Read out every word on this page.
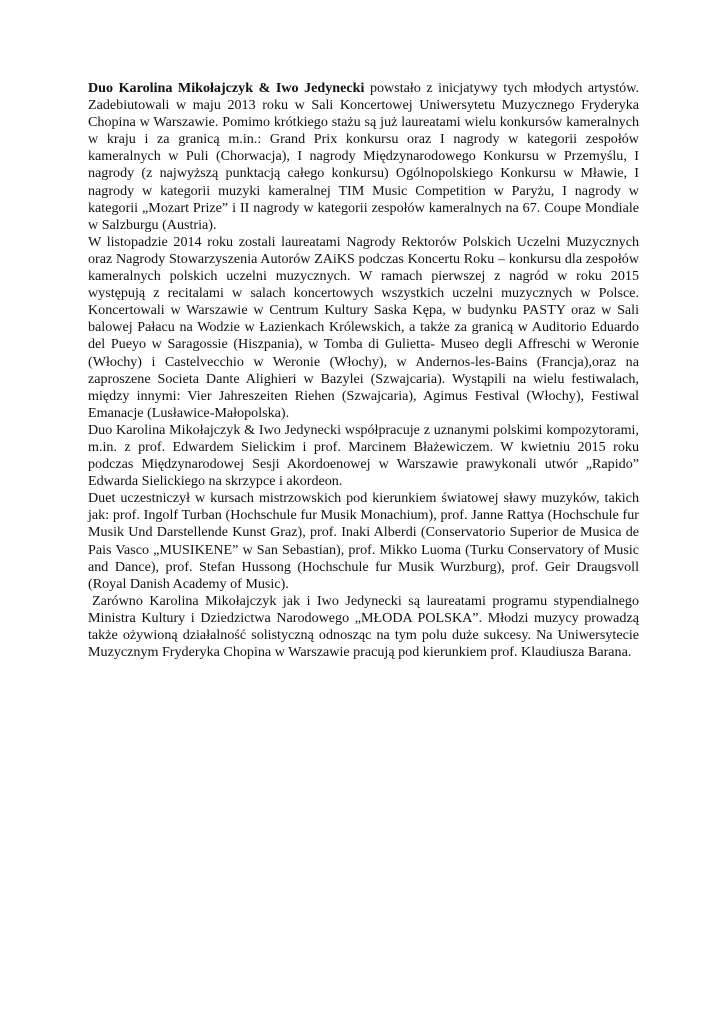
Duo Karolina Mikołajczyk & Iwo Jedynecki powstało z inicjatywy tych młodych artystów. Zadebiutowali w maju 2013 roku w Sali Koncertowej Uniwersytetu Muzycznego Fryderyka Chopina w Warszawie. Pomimo krótkiego stażu są już laureatami wielu konkursów kameralnych w kraju i za granicą m.in.: Grand Prix konkursu oraz I nagrody w kategorii zespołów kameralnych w Puli (Chorwacja), I nagrody Międzynarodowego Konkursu w Przemyślu, I nagrody (z najwyższą punktacją całego konkursu) Ogólnopolskiego Konkursu w Mławie, I nagrody w kategorii muzyki kameralnej TIM Music Competition w Paryżu, I nagrody w kategorii „Mozart Prize” i II nagrody w kategorii zespołów kameralnych na 67. Coupe Mondiale w Salzburgu (Austria).

W listopadzie 2014 roku zostali laureatami Nagrody Rektorów Polskich Uczelni Muzycznych oraz Nagrody Stowarzyszenia Autorów ZAiKS podczas Koncertu Roku – konkursu dla zespołów kameralnych polskich uczelni muzycznych. W ramach pierwszej z nagród w roku 2015 występują z recitalami w salach koncertowych wszystkich uczelni muzycznych w Polsce. Koncertowali w Warszawie w Centrum Kultury Saska Kępa, w budynku PASTY oraz w Sali balowej Pałacu na Wodzie w Łazienkach Królewskich, a także za granicą w Auditorio Eduardo del Pueyo w Saragossie (Hiszpania), w Tomba di Gulietta- Museo degli Affreschi w Weronie (Włochy) i Castelvecchio w Weronie (Włochy), w Andernos-les-Bains (Francja),oraz na zaproszene Societa Dante Alighieri w Bazylei (Szwajcaria). Wystąpili na wielu festiwalach, między innymi: Vier Jahreszeiten Riehen (Szwajcaria), Agimus Festival (Włochy), Festiwal Emanacje (Lusławice-Małopolska).

Duo Karolina Mikołajczyk & Iwo Jedynecki współpracuje z uznanymi polskimi kompozytorami, m.in. z prof. Edwardem Sielickim i prof. Marcinem Błażewiczem. W kwietniu 2015 roku podczas Międzynarodowej Sesji Akordoenowej w Warszawie prawykonali utwór „Rapido” Edwarda Sielickiego na skrzypce i akordeon.

Duet uczestniczył w kursach mistrzowskich pod kierunkiem światowej sławy muzyków, takich jak: prof. Ingolf Turban (Hochschule fur Musik Monachium), prof. Janne Rattya (Hochschule fur Musik Und Darstellende Kunst Graz), prof. Inaki Alberdi (Conservatorio Superior de Musica de Pais Vasco „MUSIKENE” w San Sebastian), prof. Mikko Luoma (Turku Conservatory of Music and Dance), prof. Stefan Hussong (Hochschule fur Musik Wurzburg), prof. Geir Draugsvoll (Royal Danish Academy of Music).

Zarówno Karolina Mikołajczyk jak i Iwo Jedynecki są laureatami programu stypendialnego Ministra Kultury i Dziedzictwa Narodowego „MŁODA POLSKA”. Młodzi muzycy prowadzą także ożywioną działalność solistyczną odnosząc na tym polu duże sukcesy. Na Uniwersytecie Muzycznym Fryderyka Chopina w Warszawie pracują pod kierunkiem prof. Klaudiusza Barana.
